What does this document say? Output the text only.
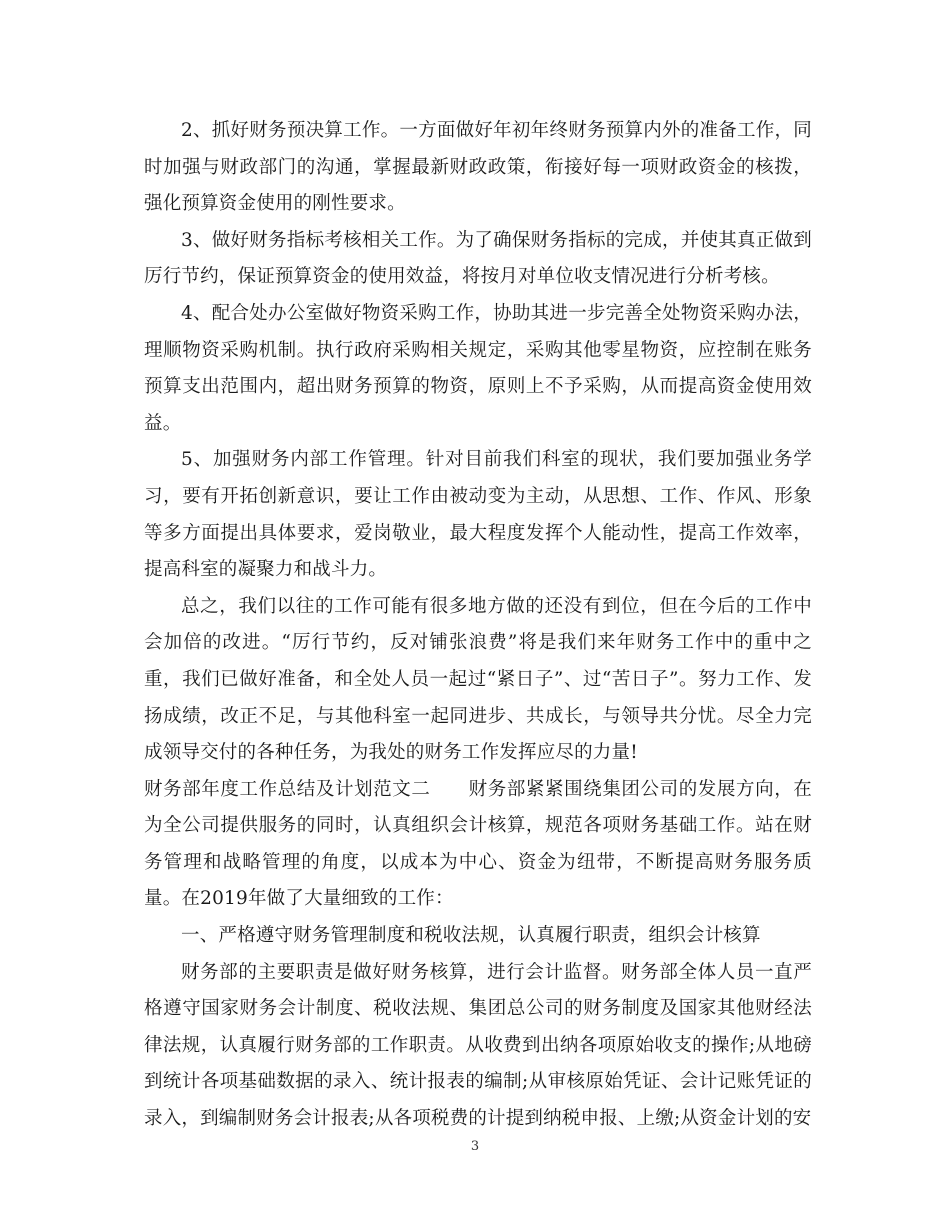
2、抓好财务预决算工作。一方面做好年初年终财务预算内外的准备工作，同时加强与财政部门的沟通，掌握最新财政政策，衔接好每一项财政资金的核拨，强化预算资金使用的刚性要求。

3、做好财务指标考核相关工作。为了确保财务指标的完成，并使其真正做到厉行节约，保证预算资金的使用效益，将按月对单位收支情况进行分析考核。

4、配合处办公室做好物资采购工作，协助其进一步完善全处物资采购办法，理顺物资采购机制。执行政府采购相关规定，采购其他零星物资，应控制在账务预算支出范围内，超出财务预算的物资，原则上不予采购，从而提高资金使用效益。

5、加强财务内部工作管理。针对目前我们科室的现状，我们要加强业务学习，要有开拓创新意识，要让工作由被动变为主动，从思想、工作、作风、形象等多方面提出具体要求，爱岗敬业，最大程度发挥个人能动性，提高工作效率，提高科室的凝聚力和战斗力。

总之，我们以往的工作可能有很多地方做的还没有到位，但在今后的工作中会加倍的改进。“厉行节约，反对铺张浪费”将是我们来年财务工作中的重中之重，我们已做好准备，和全处人员一起过“紧日子”、过“苦日子”。努力工作、发扬成绩，改正不足，与其他科室一起同进步、共成长，与领导共分忧。尽全力完成领导交付的各种任务，为我处的财务工作发挥应尽的力量!

财务部年度工作总结及计划范文二　　财务部紧紧围绕集团公司的发展方向，在为全公司提供服务的同时，认真组织会计核算，规范各项财务基础工作。站在财务管理和战略管理的角度，以成本为中心、资金为纽带，不断提高财务服务质量。在2019年做了大量细致的工作：

一、严格遵守财务管理制度和税收法规，认真履行职责，组织会计核算

财务部的主要职责是做好财务核算，进行会计监督。财务部全体人员一直严格遵守国家财务会计制度、税收法规、集团总公司的财务制度及国家其他财经法律法规，认真履行财务部的工作职责。从收费到出纳各项原始收支的操作;从地磅到统计各项基础数据的录入、统计报表的编制;从审核原始凭证、会计记账凭证的录入，到编制财务会计报表;从各项税费的计提到纳税申报、上缴;从资金计划的安

3
